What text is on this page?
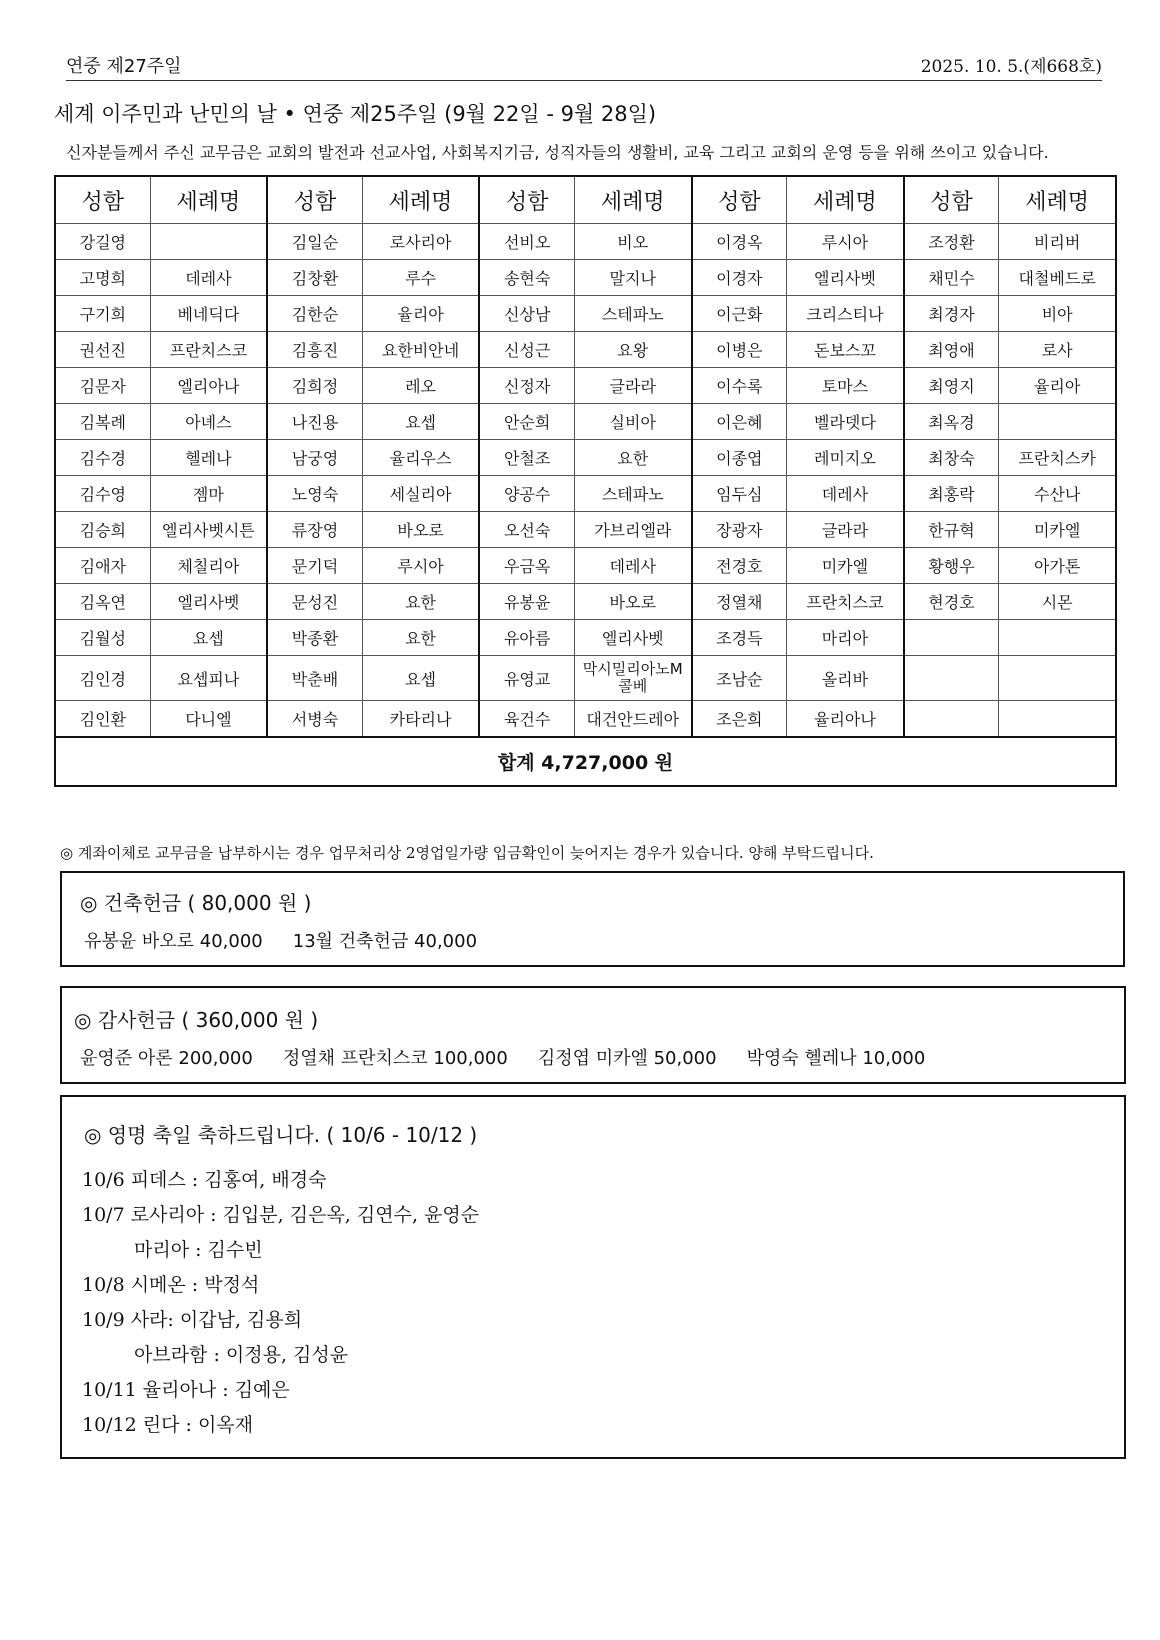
연중 제27주일	2025. 10. 5.(제668호)
세계 이주민과 난민의 날 • 연중 제25주일 (9월 22일 - 9월 28일)
신자분들께서 주신 교무금은 교회의 발전과 선교사업, 사회복지기금, 성직자들의 생활비, 교육 그리고 교회의 운영 등을 위해 쓰이고 있습니다.
성함	세례명	성함	세례명	성함	세례명	성함	세례명	성함	세례명
강길영		김일순	로사리아	선비오	비오	이경옥	루시아	조정환	비리버
고명희	데레사	김창환	루수	송현숙	말지나	이경자	엘리사벳	채민수	대철베드로
구기희	베네딕다	김한순	율리아	신상남	스테파노	이근화	크리스티나	최경자	비아
권선진	프란치스코	김흥진	요한비안네	신성근	요왕	이병은	돈보스꼬	최영애	로사
김문자	엘리아나	김희정	레오	신정자	글라라	이수록	토마스	최영지	율리아
김복례	아녜스	나진용	요셉	안순희	실비아	이은혜	벨라뎃다	최옥경	
김수경	헬레나	남궁영	율리우스	안철조	요한	이종엽	레미지오	최창숙	프란치스카
김수영	젬마	노영숙	세실리아	양공수	스테파노	임두심	데레사	최홍락	수산나
김승희	엘리사벳시튼	류장영	바오로	오선숙	가브리엘라	장광자	글라라	한규혁	미카엘
김애자	체칠리아	문기덕	루시아	우금옥	데레사	전경호	미카엘	황행우	아가톤
김옥연	엘리사벳	문성진	요한	유봉윤	바오로	정열채	프란치스코	현경호	시몬
김월성	요셉	박종환	요한	유아름	엘리사벳	조경득	마리아		
김인경	요셉피나	박춘배	요셉	유영교	막시밀리아노M콜베	조남순	올리바		
김인환	다니엘	서병숙	카타리나	육건수	대건안드레아	조은희	율리아나		
합계 4,727,000 원									
◎ 계좌이체로 교무금을 납부하시는 경우 업무처리상 2영업일가량 입금확인이 늦어지는 경우가 있습니다. 양해 부탁드립니다.
◎ 건축헌금 ( 80,000 원 )
유봉윤 바오로 40,000 13월 건축헌금 40,000
◎ 감사헌금 ( 360,000 원 )
윤영준 아론 200,000 정열채 프란치스코 100,000 김정엽 미카엘 50,000 박영숙 헬레나 10,000
◎ 영명 축일 축하드립니다. ( 10/6 - 10/12 )
10/6 피데스 : 김홍여, 배경숙
10/7 로사리아 : 김입분, 김은옥, 김연수, 윤영순
마리아 : 김수빈
10/8 시메온 : 박정석
10/9 사라: 이갑남, 김용희
아브라함 : 이정용, 김성윤
10/11 율리아나 : 김예은
10/12 린다 : 이옥재
